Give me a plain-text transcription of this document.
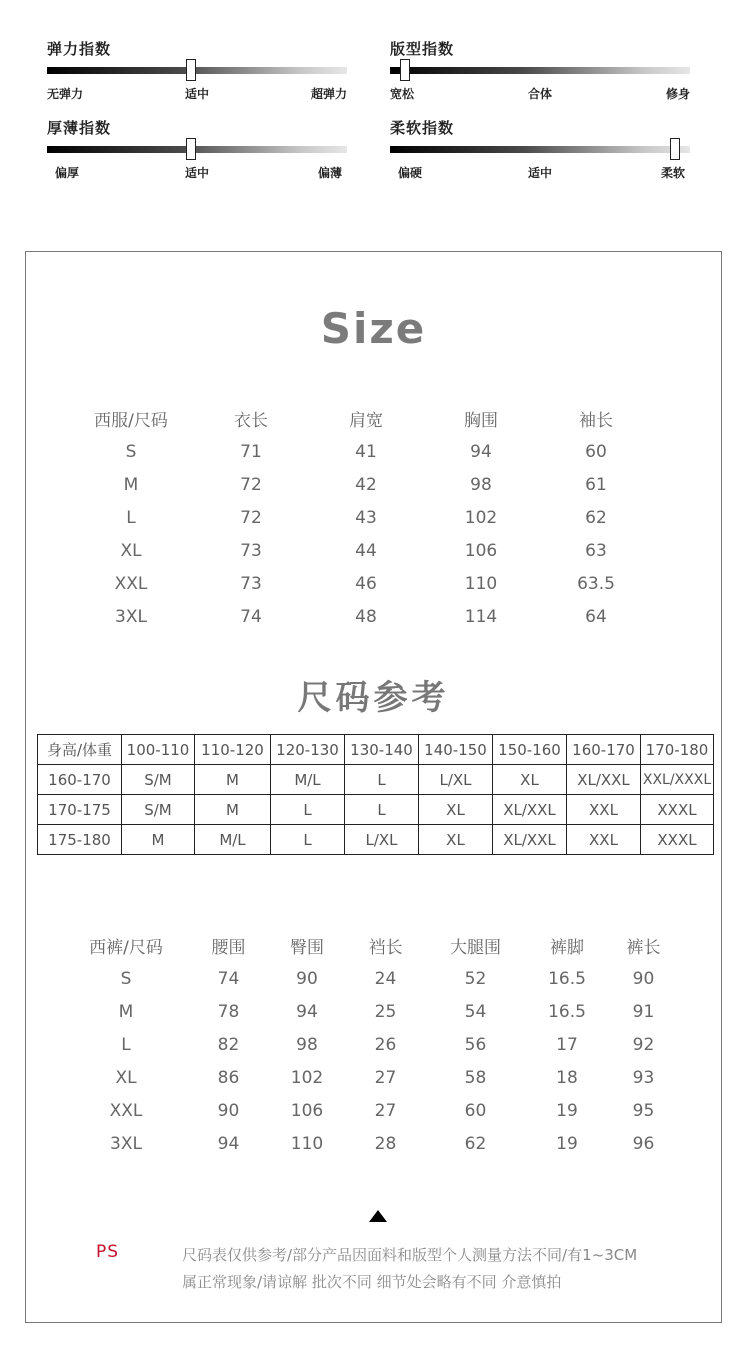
弹力指数
无弹力	适中	超弹力
版型指数
宽松	合体	修身
厚薄指数
偏厚	适中	偏薄
柔软指数
偏硬	适中	柔软
Size
西服/尺码	衣长	肩宽	胸围	袖长
S	71	41	94	60
M	72	42	98	61
L	72	43	102	62
XL	73	44	106	63
XXL	73	46	110	63.5
3XL	74	48	114	64
尺码参考
身高/体重	100-110	110-120	120-130	130-140	140-150	150-160	160-170	170-180
160-170	S/M	M	M/L	L	L/XL	XL	XL/XXL	XXL/XXXL
170-175	S/M	M	L	L	XL	XL/XXL	XXL	XXXL
175-180	M	M/L	L	L/XL	XL	XL/XXL	XXL	XXXL
西裤/尺码	腰围	臀围	裆长	大腿围	裤脚	裤长
S	74	90	24	52	16.5	90
M	78	94	25	54	16.5	91
L	82	98	26	56	17	92
XL	86	102	27	58	18	93
XXL	90	106	27	60	19	95
3XL	94	110	28	62	19	96
PS	尺码表仅供参考/部分产品因面料和版型个人测量方法不同/有1~3CM
属正常现象/请谅解 批次不同 细节处会略有不同 介意慎拍
